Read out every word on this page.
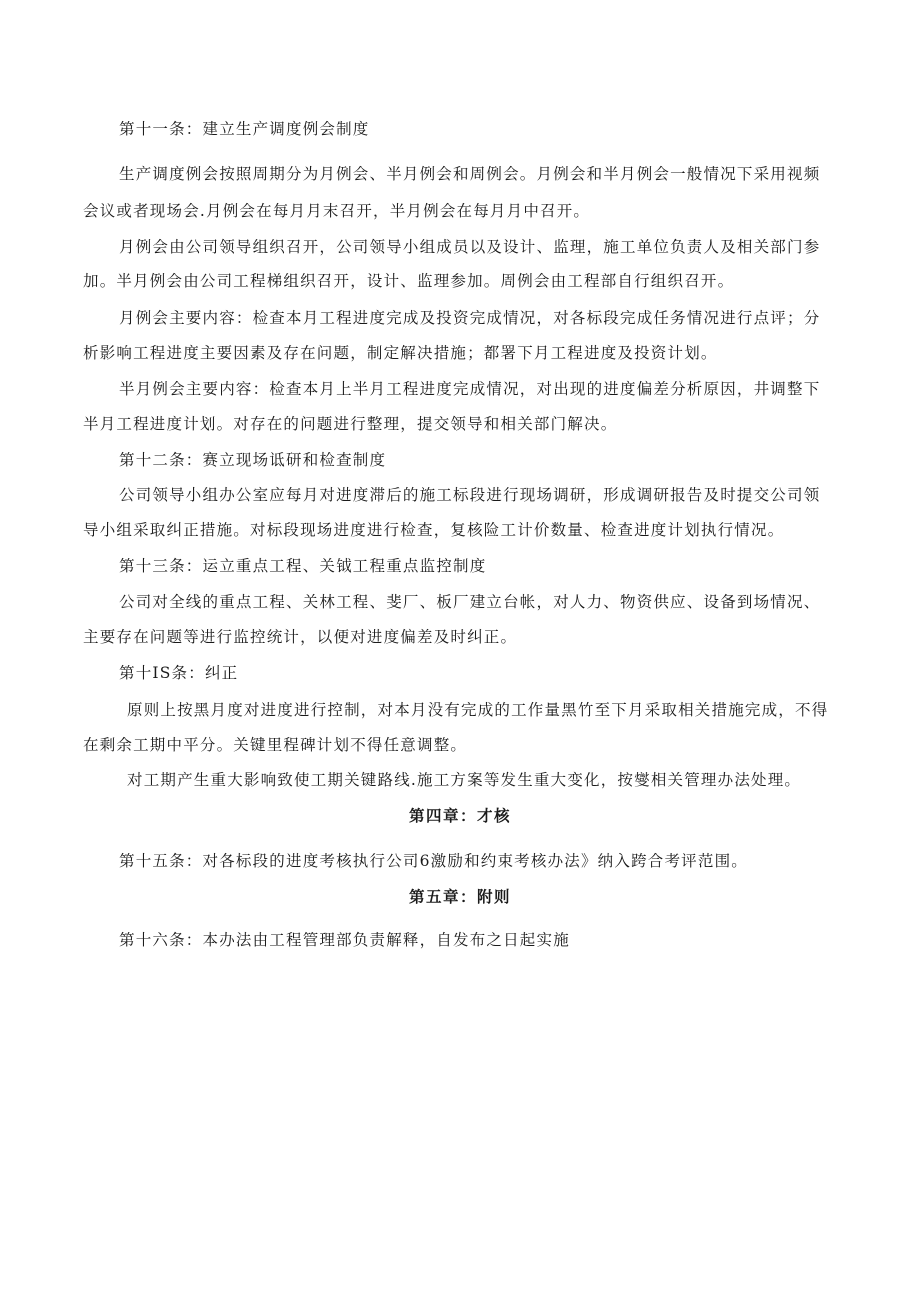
第十一条：建立生产调度例会制度
生产调度例会按照周期分为月例会、半月例会和周例会。月例会和半月例会一般情况下采用视频
会议或者现场会.月例会在每月月末召开，半月例会在每月月中召开。
月例会由公司领导组织召开，公司领导小组成员以及设计、监理，施工单位负责人及相关部门参
加。半月例会由公司工程梯组织召开，设计、监理参加。周例会由工程部自行组织召开。
月例会主要内容：检查本月工程进度完成及投资完成情况，对各标段完成任务情况进行点评；分
析影响工程进度主要因素及存在问题，制定解决措施；都署下月工程进度及投资计划。
半月例会主要内容：检查本月上半月工程进度完成情况，对出现的进度偏差分析原因，井调整下
半月工程进度计划。对存在的问题进行整理，提交领导和相关部门解决。
第十二条：赛立现场诋研和检查制度
公司领导小组办公室应每月对进度滞后的施工标段进行现场调研，形成调研报告及时提交公司领
导小组采取纠正措施。对标段现场进度进行检查，复核险工计价数量、检查进度计划执行情况。
第十三条：运立重点工程、关钺工程重点监控制度
公司对全线的重点工程、关林工程、斐厂、板厂建立台帐，对人力、物资供应、设备到场情况、
主要存在问题等进行监控统计，以便对进度偏差及时纠正。
第十IS条：纠正
原则上按黑月度对进度进行控制，对本月没有完成的工作量黑竹至下月采取相关措施完成，不得
在剩余工期中平分。关键里程碑计划不得任意调整。
对工期产生重大影响致使工期关键路线.施工方案等发生重大变化，按燮相关管理办法处理。
第四章：才核
第十五条：对各标段的进度考核执行公司6激励和约束考核办法》纳入跨合考评范围。
第五章：附则
第十六条：本办法由工程管理部负责解释，自发布之日起实施
